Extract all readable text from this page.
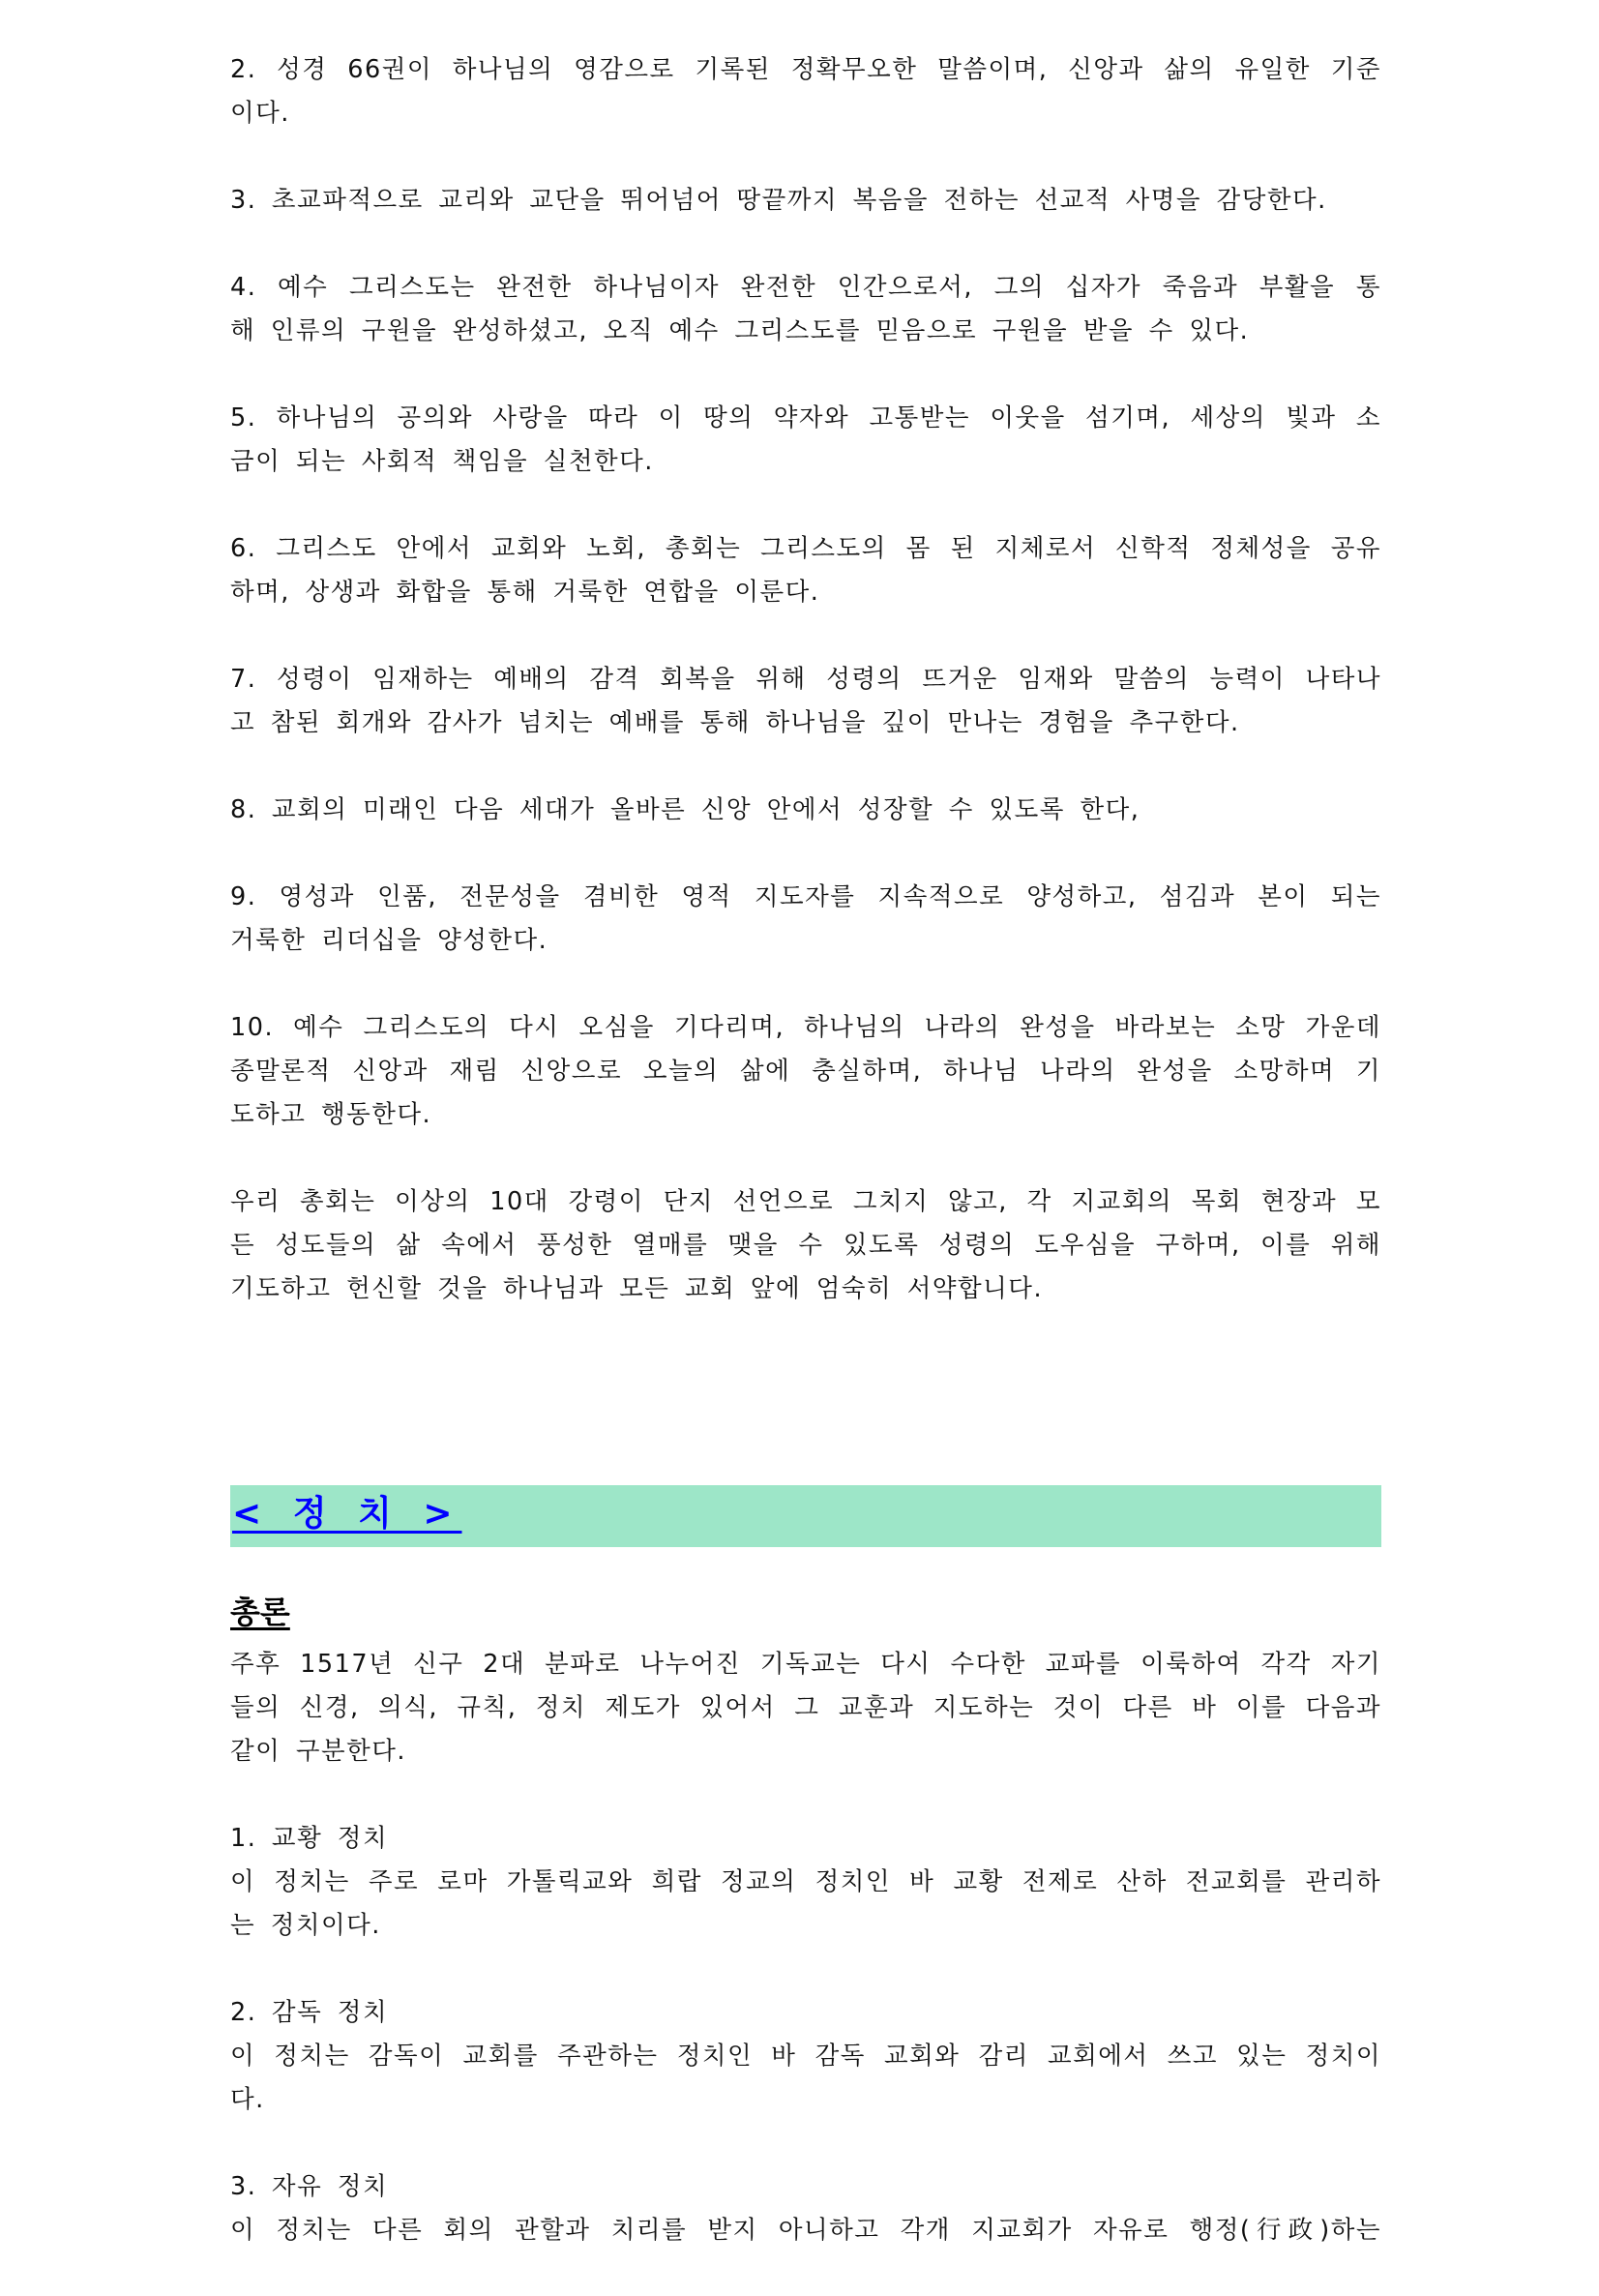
2. 성경 66권이 하나님의 영감으로 기록된 정확무오한 말씀이며, 신앙과 삶의 유일한 기준
이다.
3. 초교파적으로 교리와 교단을 뛰어넘어 땅끝까지 복음을 전하는 선교적 사명을 감당한다.
4. 예수 그리스도는 완전한 하나님이자 완전한 인간으로서, 그의 십자가 죽음과 부활을 통
해 인류의 구원을 완성하셨고, 오직 예수 그리스도를 믿음으로 구원을 받을 수 있다.
5. 하나님의 공의와 사랑을 따라 이 땅의 약자와 고통받는 이웃을 섬기며, 세상의 빛과 소
금이 되는 사회적 책임을 실천한다.
6. 그리스도 안에서 교회와 노회, 총회는 그리스도의 몸 된 지체로서 신학적 정체성을 공유
하며, 상생과 화합을 통해 거룩한 연합을 이룬다.
7. 성령이 임재하는 예배의 감격 회복을 위해 성령의 뜨거운 임재와 말씀의 능력이 나타나
고 참된 회개와 감사가 넘치는 예배를 통해 하나님을 깊이 만나는 경험을 추구한다.
8. 교회의 미래인 다음 세대가 올바른 신앙 안에서 성장할 수 있도록 한다,
9. 영성과 인품, 전문성을 겸비한 영적 지도자를 지속적으로 양성하고, 섬김과 본이 되는
거룩한 리더십을 양성한다.
10. 예수 그리스도의 다시 오심을 기다리며, 하나님의 나라의 완성을 바라보는 소망 가운데
종말론적 신앙과 재림 신앙으로 오늘의 삶에 충실하며, 하나님 나라의 완성을 소망하며 기
도하고 행동한다.
우리 총회는 이상의 10대 강령이 단지 선언으로 그치지 않고, 각 지교회의 목회 현장과 모
든 성도들의 삶 속에서 풍성한 열매를 맺을 수 있도록 성령의 도우심을 구하며, 이를 위해
기도하고 헌신할 것을 하나님과 모든 교회 앞에 엄숙히 서약합니다.
< 정 치 >
총론
주후 1517년 신구 2대 분파로 나누어진 기독교는 다시 수다한 교파를 이룩하여 각각 자기
들의 신경, 의식, 규칙, 정치 제도가 있어서 그 교훈과 지도하는 것이 다른 바 이를 다음과
같이 구분한다.
1. 교황 정치
이 정치는 주로 로마 가톨릭교와 희랍 정교의 정치인 바 교황 전제로 산하 전교회를 관리하
는 정치이다.
2. 감독 정치
이 정치는 감독이 교회를 주관하는 정치인 바 감독 교회와 감리 교회에서 쓰고 있는 정치이
다.
3. 자유 정치
이 정치는 다른 회의 관할과 치리를 받지 아니하고 각개 지교회가 자유로 행정(行政)하는
